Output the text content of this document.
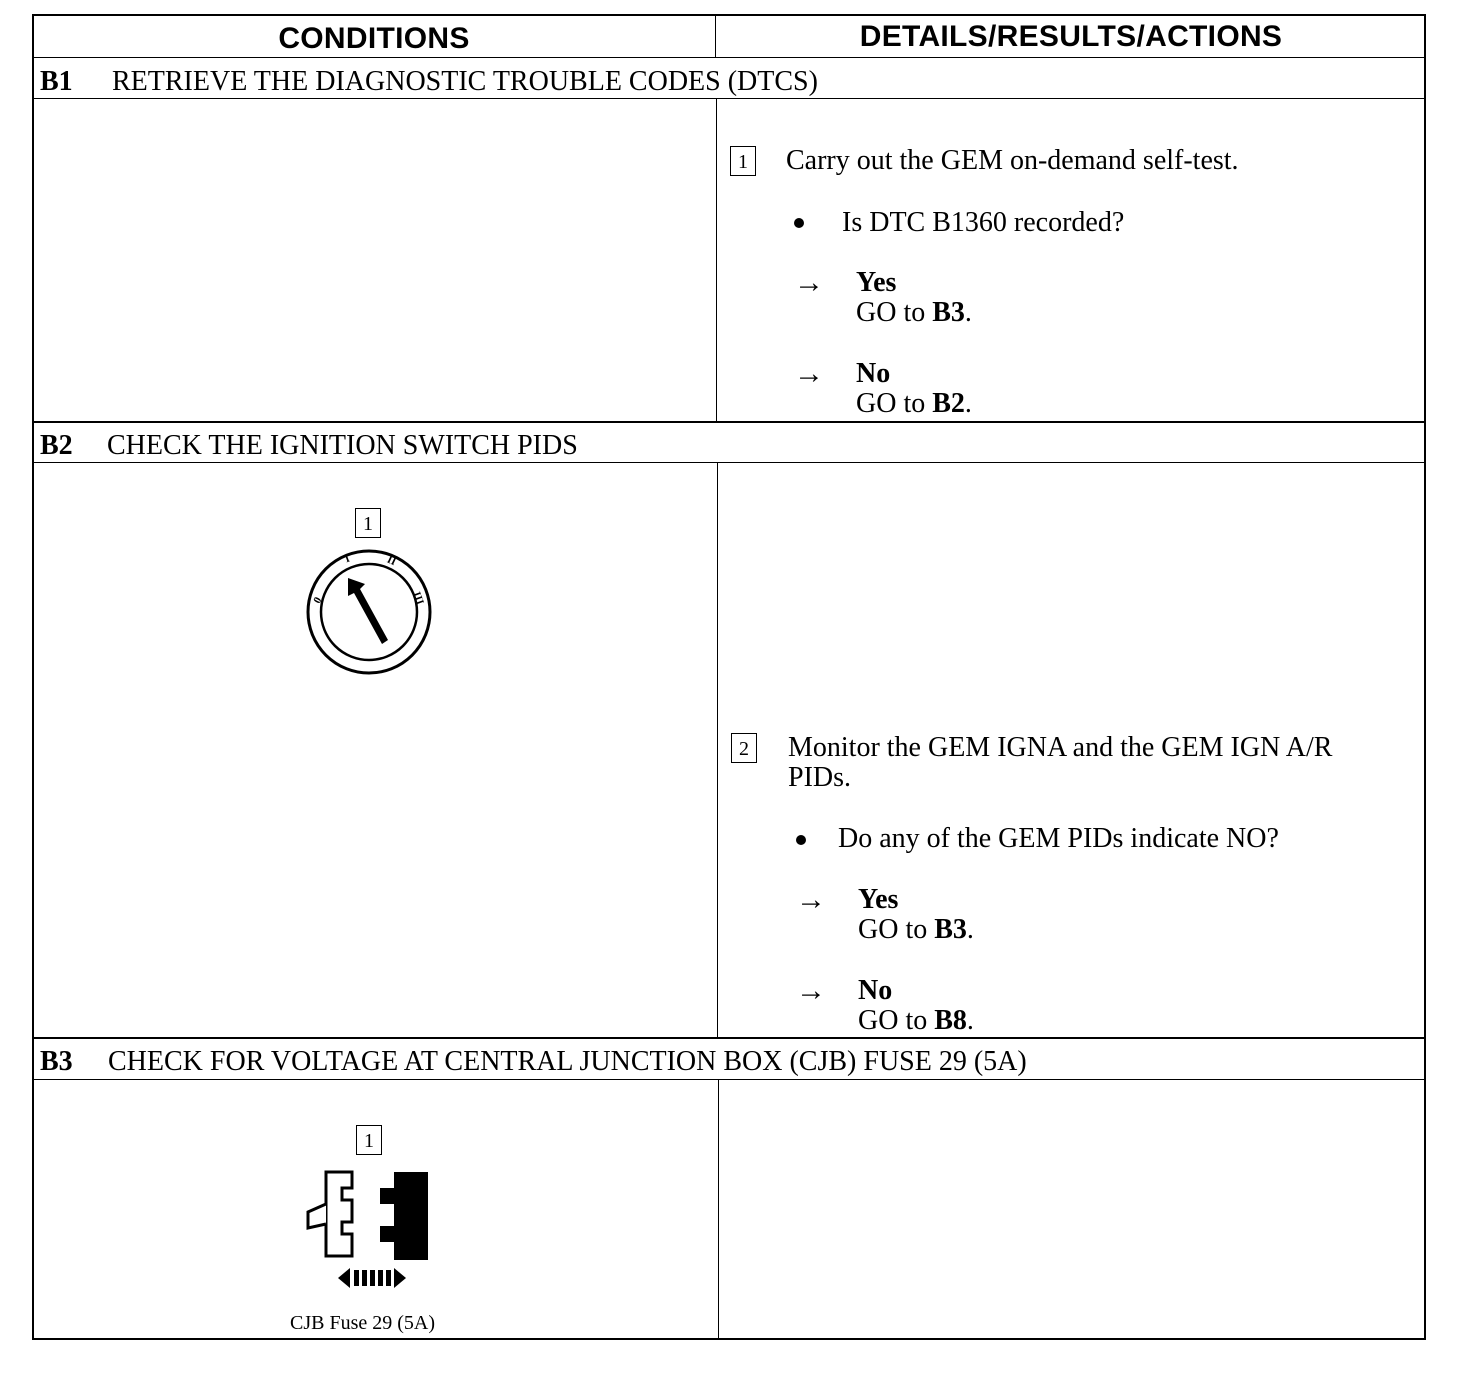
CONDITIONS	DETAILS/RESULTS/ACTIONS
B1 RETRIEVE THE DIAGNOSTIC TROUBLE CODES (DTCS)
1 Carry out the GEM on-demand self-test.
Is DTC B1360 recorded?
→ Yes
GO to B3.
→ No
GO to B2.
B2 CHECK THE IGNITION SWITCH PIDS
1
0
I	II
III
2 Monitor the GEM IGNA and the GEM IGN A/R
PIDs.
Do any of the GEM PIDs indicate NO?
→ Yes
GO to B3.
→ No
GO to B8.
B3 CHECK FOR VOLTAGE AT CENTRAL JUNCTION BOX (CJB) FUSE 29 (5A)
1
CJB Fuse 29 (5A)
